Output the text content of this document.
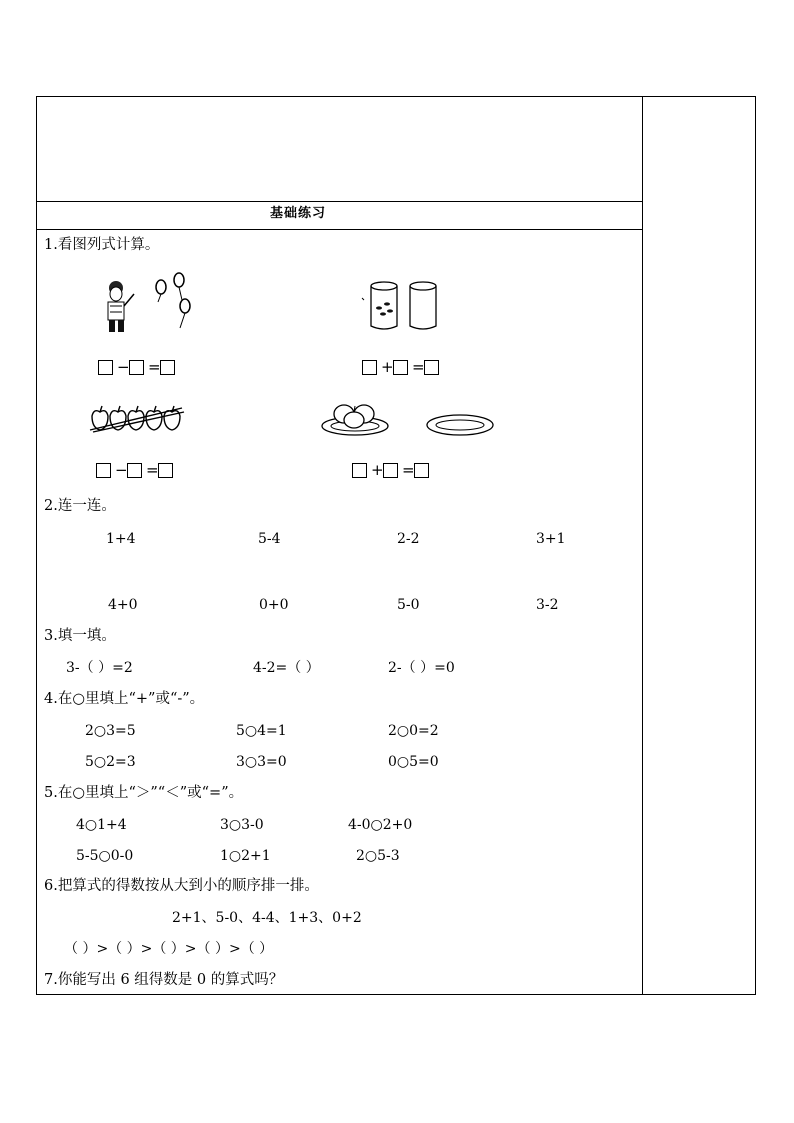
基础练习
1.看图列式计算。
− =	+ =
− =	+ =
2.连一连。
1+4	5-4	2-2	3+1
4+0	0+0	5-0	3-2
3.填一填。
3-（ ）=2	4-2=（ ）	2-（ ）=0
4.在○里填上“+”或“-”。
2○3=5	5○4=1	2○0=2
5○2=3	3○3=0	0○5=0
5.在○里填上“＞”“＜”或“=”。
4○1+4	3○3-0	4-0○2+0
5-5○0-0	1○2+1	2○5-3
6.把算式的得数按从大到小的顺序排一排。
2+1、5-0、4-4、1+3、0+2
（ ）>（ ）>（ ）>（ ）>（ ）
7.你能写出 6 组得数是 0 的算式吗？
